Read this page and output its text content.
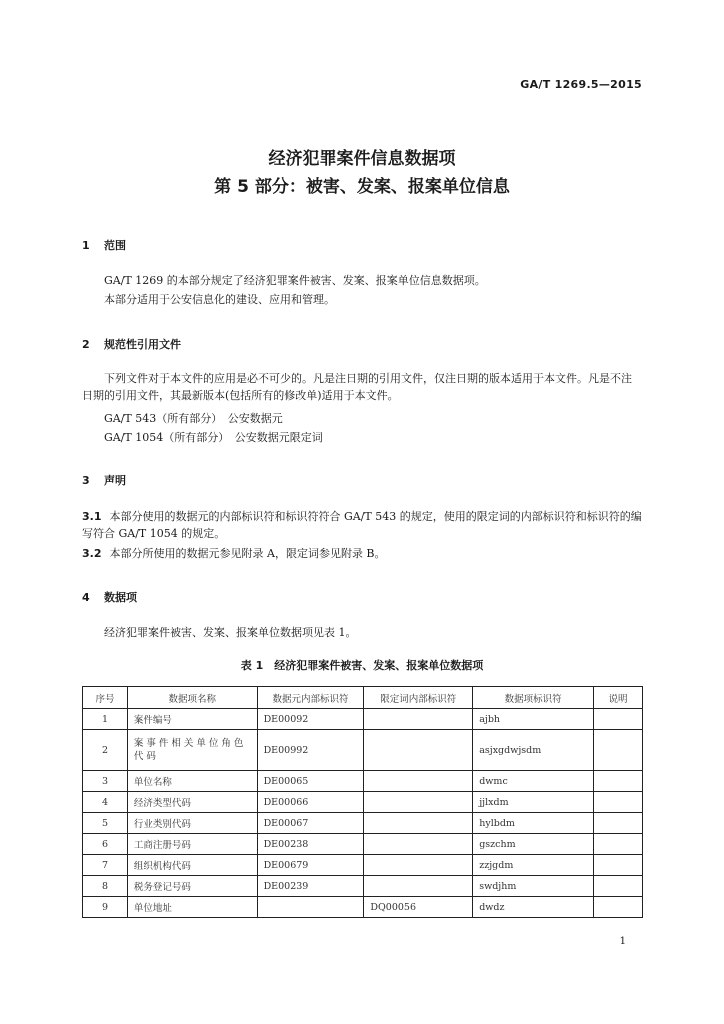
GA/T 1269.5—2015
经济犯罪案件信息数据项
第 5 部分：被害、发案、报案单位信息
1 范围
GA/T 1269 的本部分规定了经济犯罪案件被害、发案、报案单位信息数据项。
本部分适用于公安信息化的建设、应用和管理。
2 规范性引用文件
下列文件对于本文件的应用是必不可少的。凡是注日期的引用文件，仅注日期的版本适用于本文件。凡是不注日期的引用文件，其最新版本(包括所有的修改单)适用于本文件。
GA/T 543（所有部分）　公安数据元
GA/T 1054（所有部分）　公安数据元限定词
3 声明
3.1 本部分使用的数据元的内部标识符和标识符符合 GA/T 543 的规定，使用的限定词的内部标识符和标识符的编写符合 GA/T 1054 的规定。
3.2 本部分所使用的数据元参见附录 A，限定词参见附录 B。
4 数据项
经济犯罪案件被害、发案、报案单位数据项见表 1。
表 1　经济犯罪案件被害、发案、报案单位数据项
序号	数据项名称	数据元内部标识符	限定词内部标识符	数据项标识符	说明
1	案件编号	DE00092		ajbh	
2	案事件相关单位角色代码	DE00992		asjxgdwjsdm	
3	单位名称	DE00065		dwmc	
4	经济类型代码	DE00066		jjlxdm	
5	行业类别代码	DE00067		hylbdm	
6	工商注册号码	DE00238		gszchm	
7	组织机构代码	DE00679		zzjgdm	
8	税务登记号码	DE00239		swdjhm	
9	单位地址		DQ00056	dwdz	
1
